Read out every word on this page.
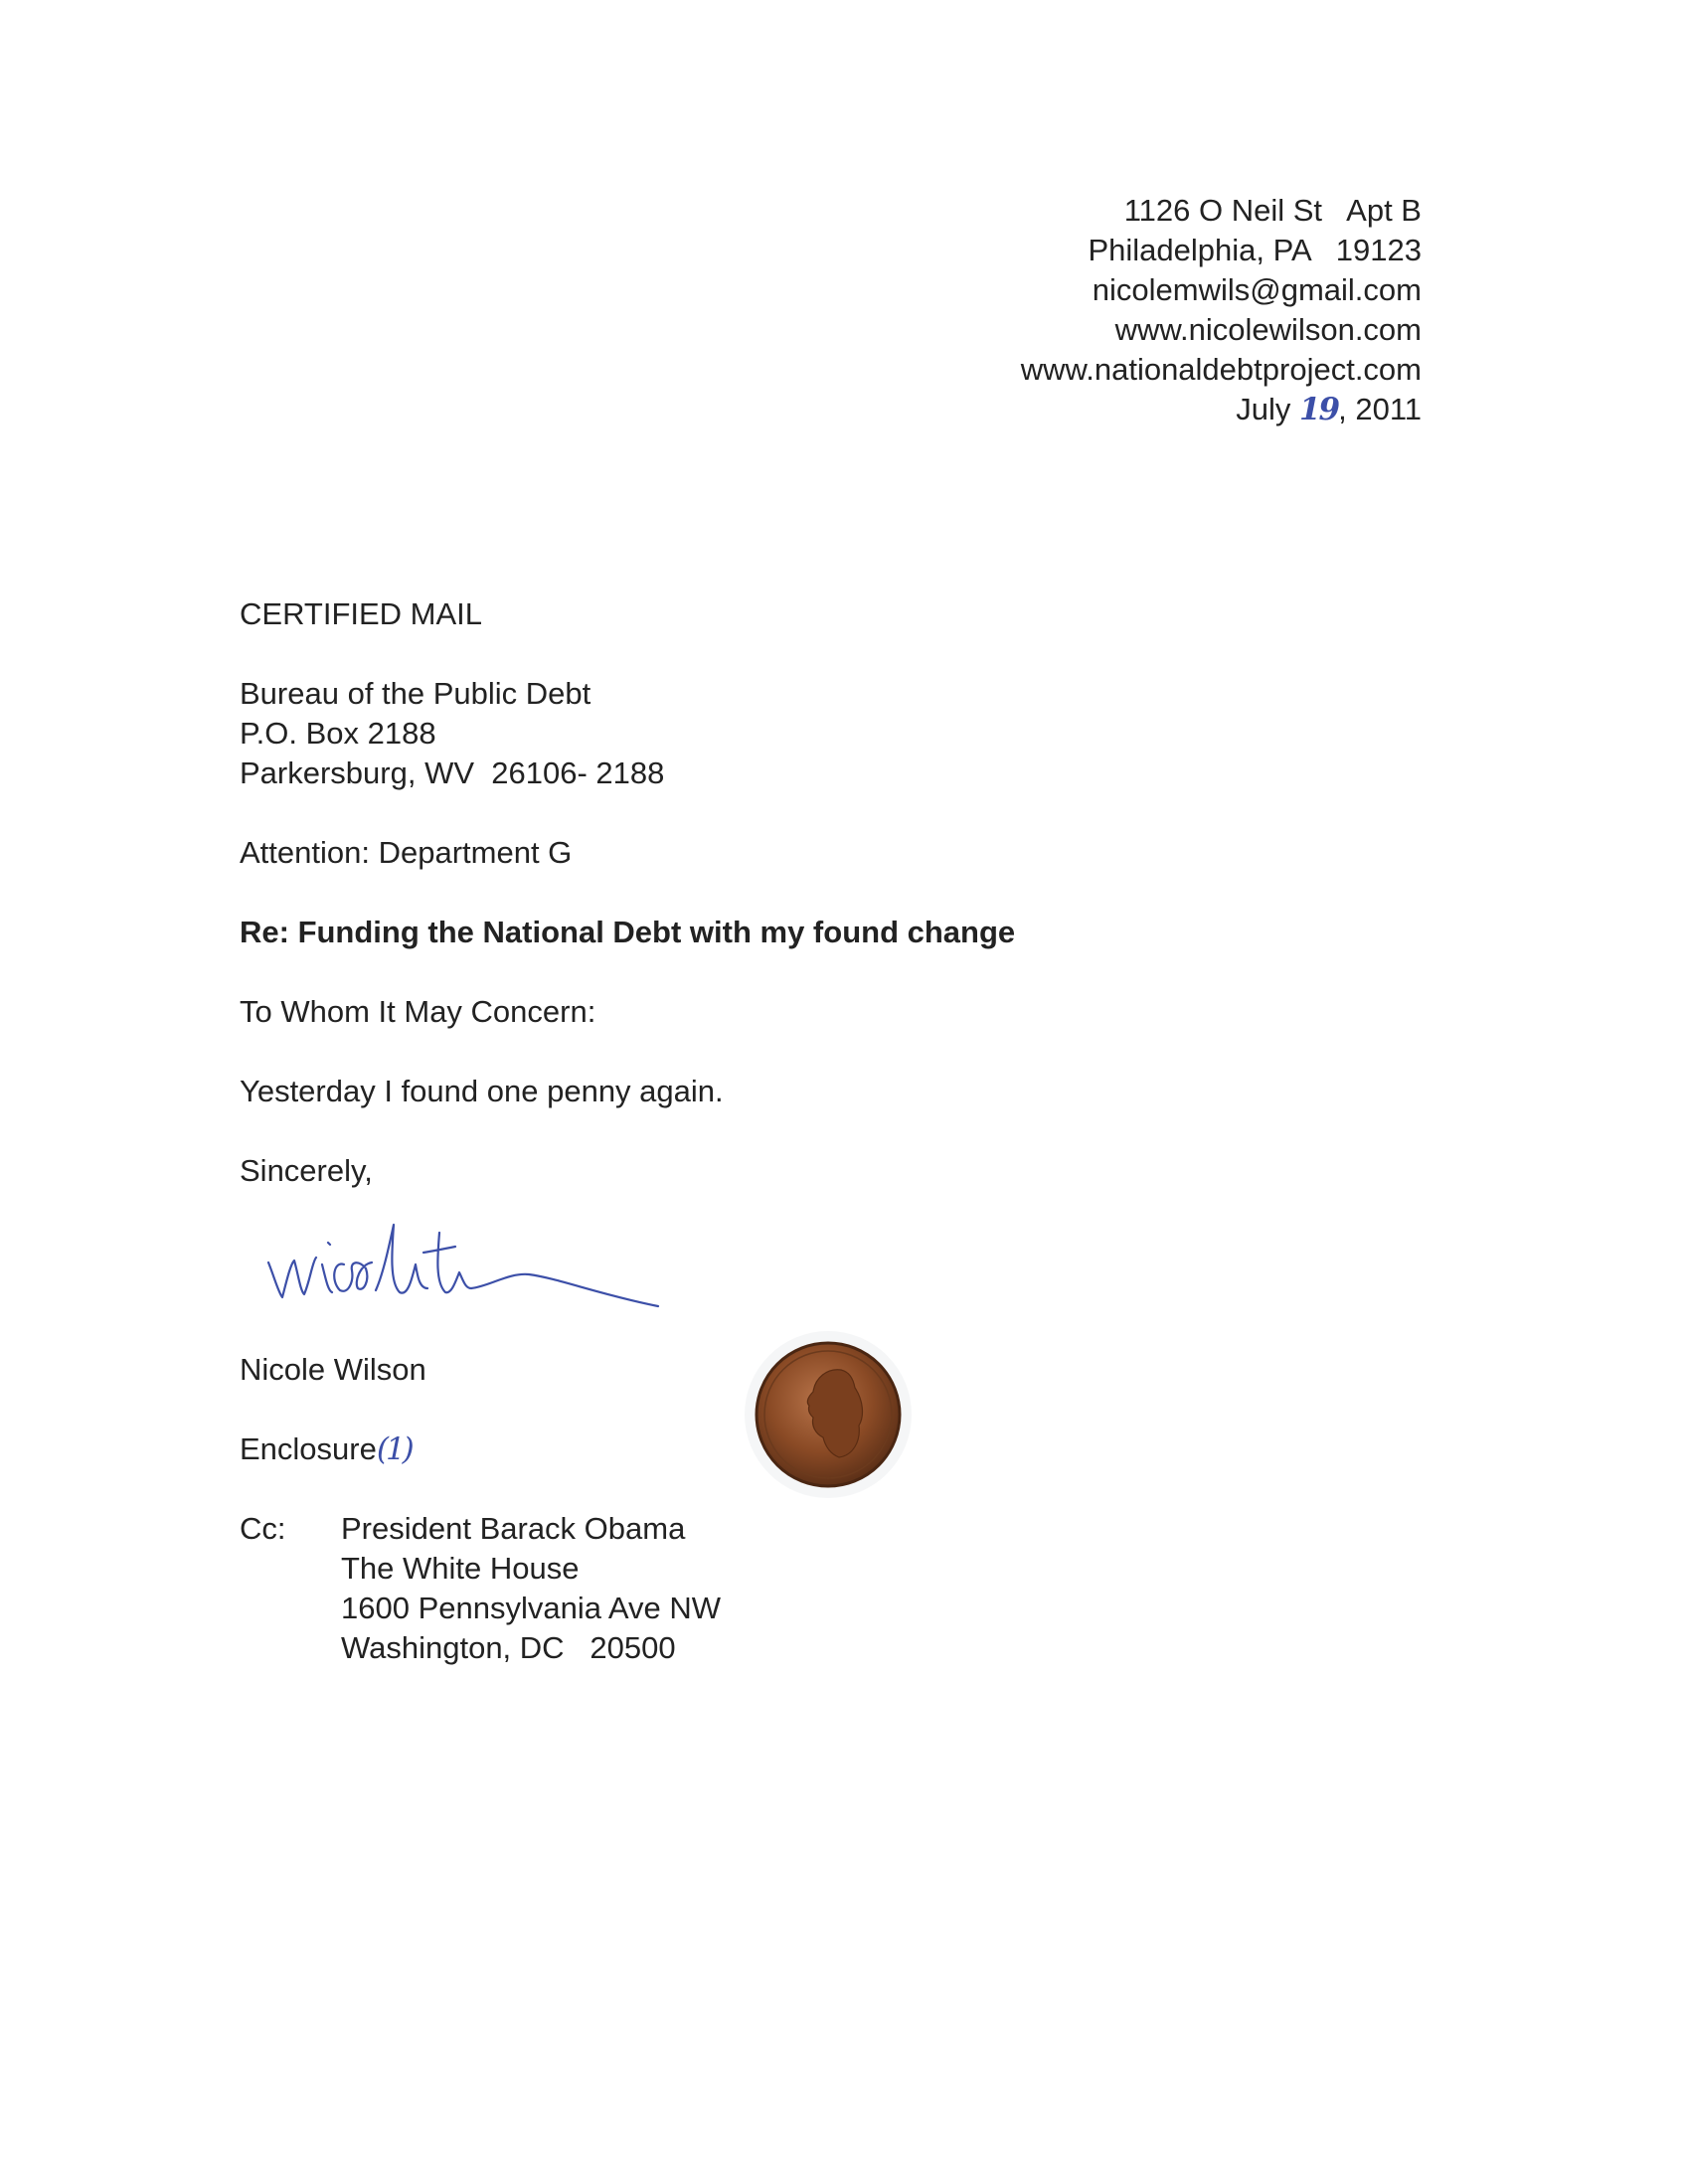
1126 O Neil St   Apt B
Philadelphia, PA   19123
nicolemwils@gmail.com
www.nicolewilson.com
www.nationaldebtproject.com
July 19, 2011
CERTIFIED MAIL
Bureau of the Public Debt
P.O. Box 2188
Parkersburg, WV  26106- 2188
Attention: Department G
Re: Funding the National Debt with my found change
To Whom It May Concern:
Yesterday I found one penny again.
Sincerely,
Nicole Wilson
Enclosure(1)
Cc: President Barack Obama
The White House
1600 Pennsylvania Ave NW
Washington, DC   20500
